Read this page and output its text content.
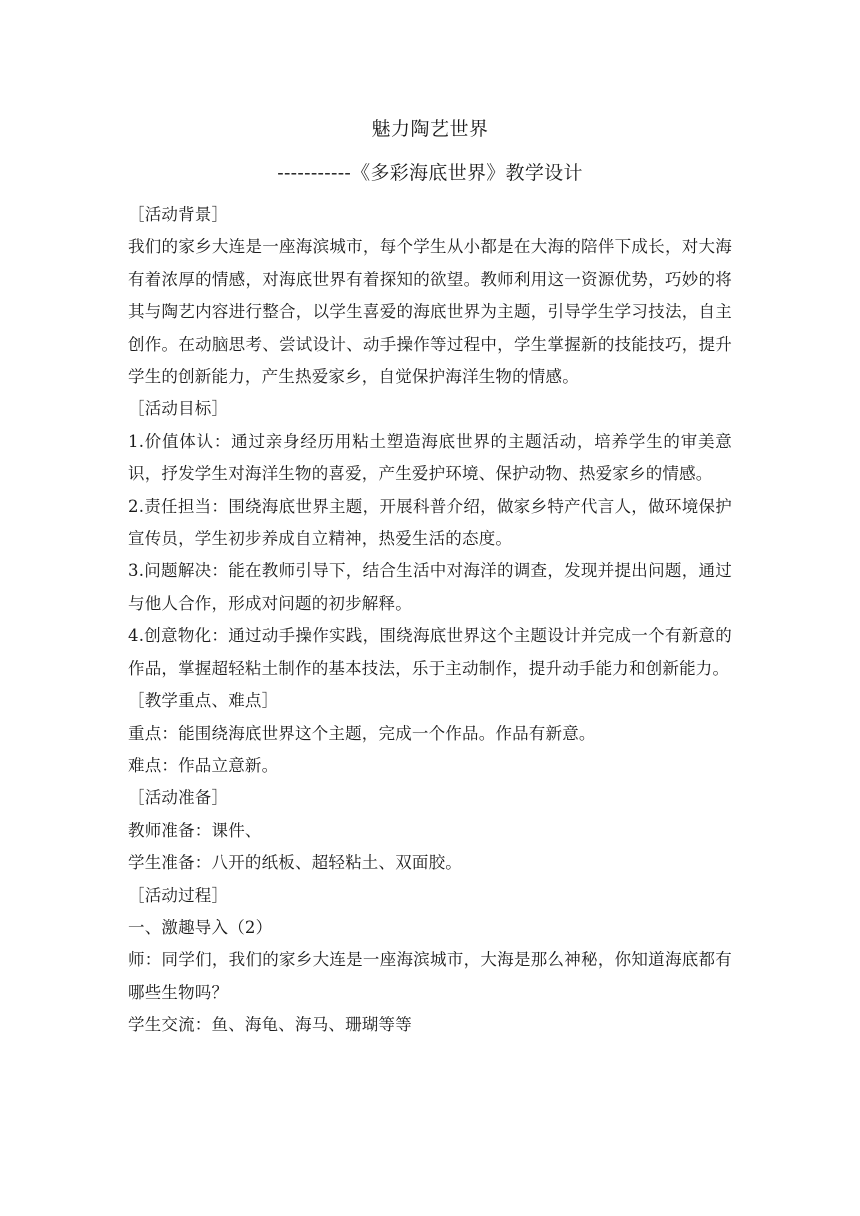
魅力陶艺世界
-----------《多彩海底世界》教学设计

［活动背景］

我们的家乡大连是一座海滨城市，每个学生从小都是在大海的陪伴下成长，对大海有着浓厚的情感，对海底世界有着探知的欲望。教师利用这一资源优势，巧妙的将其与陶艺内容进行整合，以学生喜爱的海底世界为主题，引导学生学习技法，自主创作。在动脑思考、尝试设计、动手操作等过程中，学生掌握新的技能技巧，提升学生的创新能力，产生热爱家乡，自觉保护海洋生物的情感。

［活动目标］

1.价值体认：通过亲身经历用粘土塑造海底世界的主题活动，培养学生的审美意识，抒发学生对海洋生物的喜爱，产生爱护环境、保护动物、热爱家乡的情感。

2.责任担当：围绕海底世界主题，开展科普介绍，做家乡特产代言人，做环境保护宣传员，学生初步养成自立精神，热爱生活的态度。

3.问题解决：能在教师引导下，结合生活中对海洋的调查，发现并提出问题，通过与他人合作，形成对问题的初步解释。

4.创意物化：通过动手操作实践，围绕海底世界这个主题设计并完成一个有新意的作品，掌握超轻粘土制作的基本技法，乐于主动制作，提升动手能力和创新能力。

［教学重点、难点］

重点：能围绕海底世界这个主题，完成一个作品。作品有新意。

难点：作品立意新。

［活动准备］

教师准备：课件、

学生准备：八开的纸板、超轻粘土、双面胶。

［活动过程］

一、激趣导入（2）

师：同学们，我们的家乡大连是一座海滨城市，大海是那么神秘，你知道海底都有哪些生物吗？

学生交流：鱼、海龟、海马、珊瑚等等
